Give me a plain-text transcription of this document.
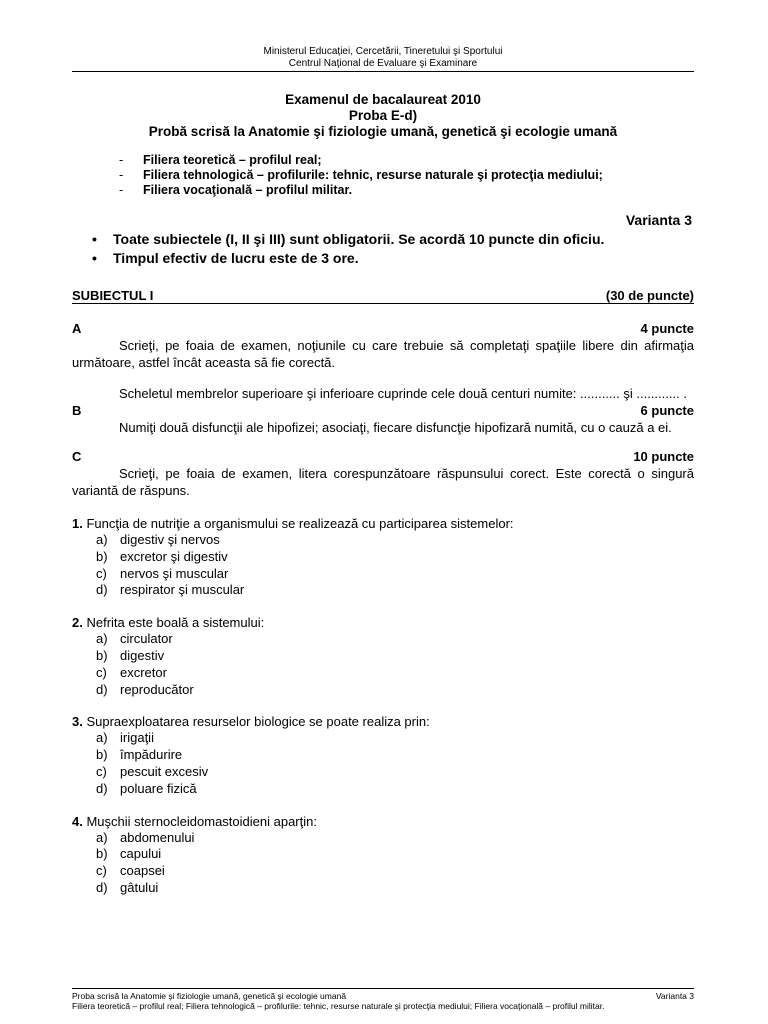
Ministerul Educației, Cercetării, Tineretului şi Sportului
Centrul Naţional de Evaluare şi Examinare
Examenul de bacalaureat 2010
Proba E-d)
Probă scrisă la Anatomie şi fiziologie umană, genetică şi ecologie umană
-	Filiera teoretică – profilul real;
-	Filiera tehnologică – profilurile: tehnic, resurse naturale şi protecţia mediului;
-	Filiera vocaţională – profilul militar.
Varianta 3
•	Toate subiectele (I, II şi III) sunt obligatorii. Se acordă 10 puncte din oficiu.
•	Timpul efectiv de lucru este de 3 ore.
SUBIECTUL I	(30 de puncte)
A	4 puncte
Scrieţi, pe foaia de examen, noţiunile cu care trebuie să completaţi spaţiile libere din afirmaţia următoare, astfel încât aceasta să fie corectă.
Scheletul membrelor superioare şi inferioare cuprinde cele două centuri numite: ........... şi ............ .
B	6 puncte
Numiţi două disfuncţii ale hipofizei; asociaţi, fiecare disfuncţie hipofizară numită, cu o cauză a ei.
C	10 puncte
Scrieţi, pe foaia de examen, litera corespunzătoare răspunsului corect. Este corectă o singură variantă de răspuns.
1. Funcţia de nutriţie a organismului se realizează cu participarea sistemelor:
a) digestiv şi nervos
b) excretor şi digestiv
c)	nervos şi muscular
d) respirator şi muscular
2. Nefrita este boală a sistemului:
a) circulator
b) digestiv
c)	excretor
d) reproducător
3. Supraexploatarea resurselor biologice se poate realiza prin:
a) irigaţii
b) împădurire
c)	pescuit excesiv
d) poluare fizică
4. Muşchii sternocleidomastoidieni aparţin:
a) abdomenului
b) capului
c)	coapsei
d) gâtului
Proba scrisă la Anatomie şi fiziologie umană, genetică şi ecologie umană	Varianta 3
Filiera teoretică – profilul real; Filiera tehnologică – profilurile: tehnic, resurse naturale şi protecţia mediului; Filiera vocaţională – profilul militar.
